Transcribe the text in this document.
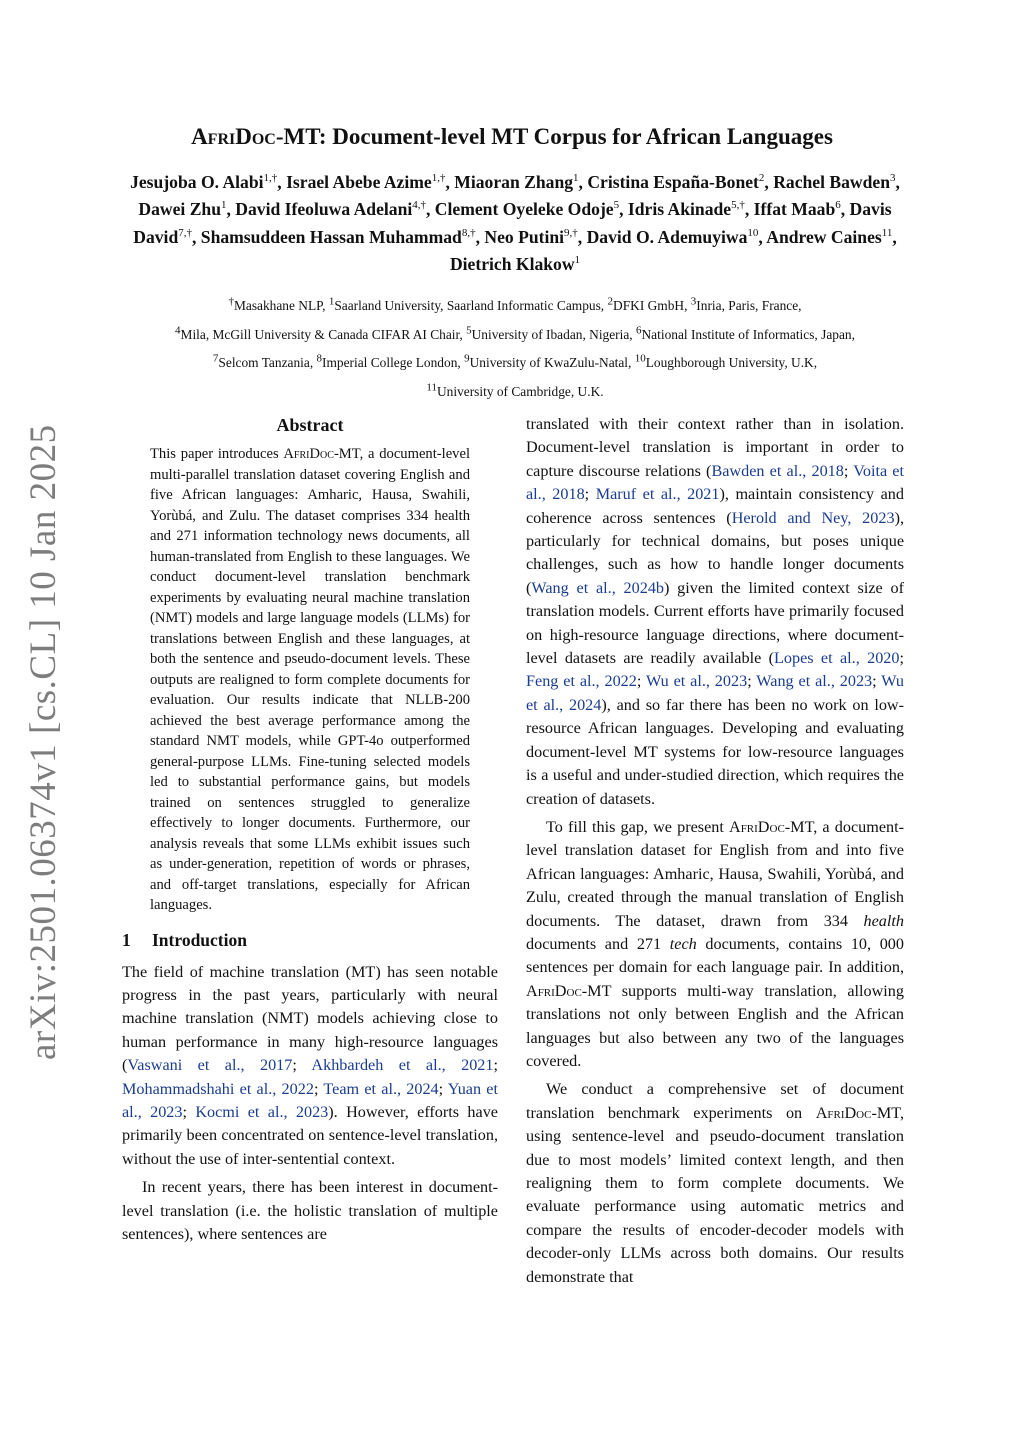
arXiv:2501.06374v1 [cs.CL] 10 Jan 2025
AfriDoc-MT: Document-level MT Corpus for African Languages
Jesujoba O. Alabi$^{1,\dagger}$, Israel Abebe Azime$^{1,\dagger}$, Miaoran Zhang$^1$, Cristina España-Bonet$^2$, Rachel Bawden$^3$, Dawei Zhu$^1$, David Ifeoluwa Adelani$^{4,\dagger}$, Clement Oyeleke Odoje$^5$, Idris Akinade$^{5,\dagger}$, Iffat Maab$^6$, Davis David$^{7,\dagger}$, Shamsuddeen Hassan Muhammad$^{8,\dagger}$, Neo Putini$^{9,\dagger}$, David O. Ademuyiwa$^{10}$, Andrew Caines$^{11}$, Dietrich Klakow$^1$
†Masakhane NLP, $^1$Saarland University, Saarland Informatic Campus, $^2$DFKI GmbH, $^3$Inria, Paris, France,
$^4$Mila, McGill University & Canada CIFAR AI Chair, $^5$University of Ibadan, Nigeria, $^6$National Institute of Informatics, Japan,
$^7$Selcom Tanzania, $^8$Imperial College London, $^9$University of KwaZulu-Natal, $^{10}$Loughborough University, U.K,
$^{11}$University of Cambridge, U.K.
Abstract
This paper introduces AfriDoc-MT, a document-level multi-parallel translation dataset covering English and five African languages: Amharic, Hausa, Swahili, Yorùbá, and Zulu. The dataset comprises 334 health and 271 information technology news documents, all human-translated from English to these languages. We conduct document-level translation benchmark experiments by evaluating neural machine translation (NMT) models and large language models (LLMs) for translations between English and these languages, at both the sentence and pseudo-document levels. These outputs are realigned to form complete documents for evaluation. Our results indicate that NLLB-200 achieved the best average performance among the standard NMT models, while GPT-4o outperformed general-purpose LLMs. Fine-tuning selected models led to substantial performance gains, but models trained on sentences struggled to generalize effectively to longer documents. Furthermore, our analysis reveals that some LLMs exhibit issues such as under-generation, repetition of words or phrases, and off-target translations, especially for African languages.
1 Introduction

The field of machine translation (MT) has seen notable progress in the past years, particularly with neural machine translation (NMT) models achieving close to human performance in many high-resource languages (Vaswani et al., 2017; Akhbardeh et al., 2021; Mohammadshahi et al., 2022; Team et al., 2024; Yuan et al., 2023; Kocmi et al., 2023). However, efforts have primarily been concentrated on sentence-level translation, without the use of inter-sentential context.

In recent years, there has been interest in document-level translation (i.e. the holistic translation of multiple sentences), where sentences are

translated with their context rather than in isolation. Document-level translation is important in order to capture discourse relations (Bawden et al., 2018; Voita et al., 2018; Maruf et al., 2021), maintain consistency and coherence across sentences (Herold and Ney, 2023), particularly for technical domains, but poses unique challenges, such as how to handle longer documents (Wang et al., 2024b) given the limited context size of translation models. Current efforts have primarily focused on high-resource language directions, where document-level datasets are readily available (Lopes et al., 2020; Feng et al., 2022; Wu et al., 2023; Wang et al., 2023; Wu et al., 2024), and so far there has been no work on low-resource African languages. Developing and evaluating document-level MT systems for low-resource languages is a useful and under-studied direction, which requires the creation of datasets.

To fill this gap, we present AfriDoc-MT, a document-level translation dataset for English from and into five African languages: Amharic, Hausa, Swahili, Yorùbá, and Zulu, created through the manual translation of English documents. The dataset, drawn from 334 health documents and 271 tech documents, contains 10, 000 sentences per domain for each language pair. In addition, AfriDoc-MT supports multi-way translation, allowing translations not only between English and the African languages but also between any two of the languages covered.

We conduct a comprehensive set of document translation benchmark experiments on AfriDoc-MT, using sentence-level and pseudo-document translation due to most models’ limited context length, and then realigning them to form complete documents. We evaluate performance using automatic metrics and compare the results of encoder-decoder models with decoder-only LLMs across both domains. Our results demonstrate that
